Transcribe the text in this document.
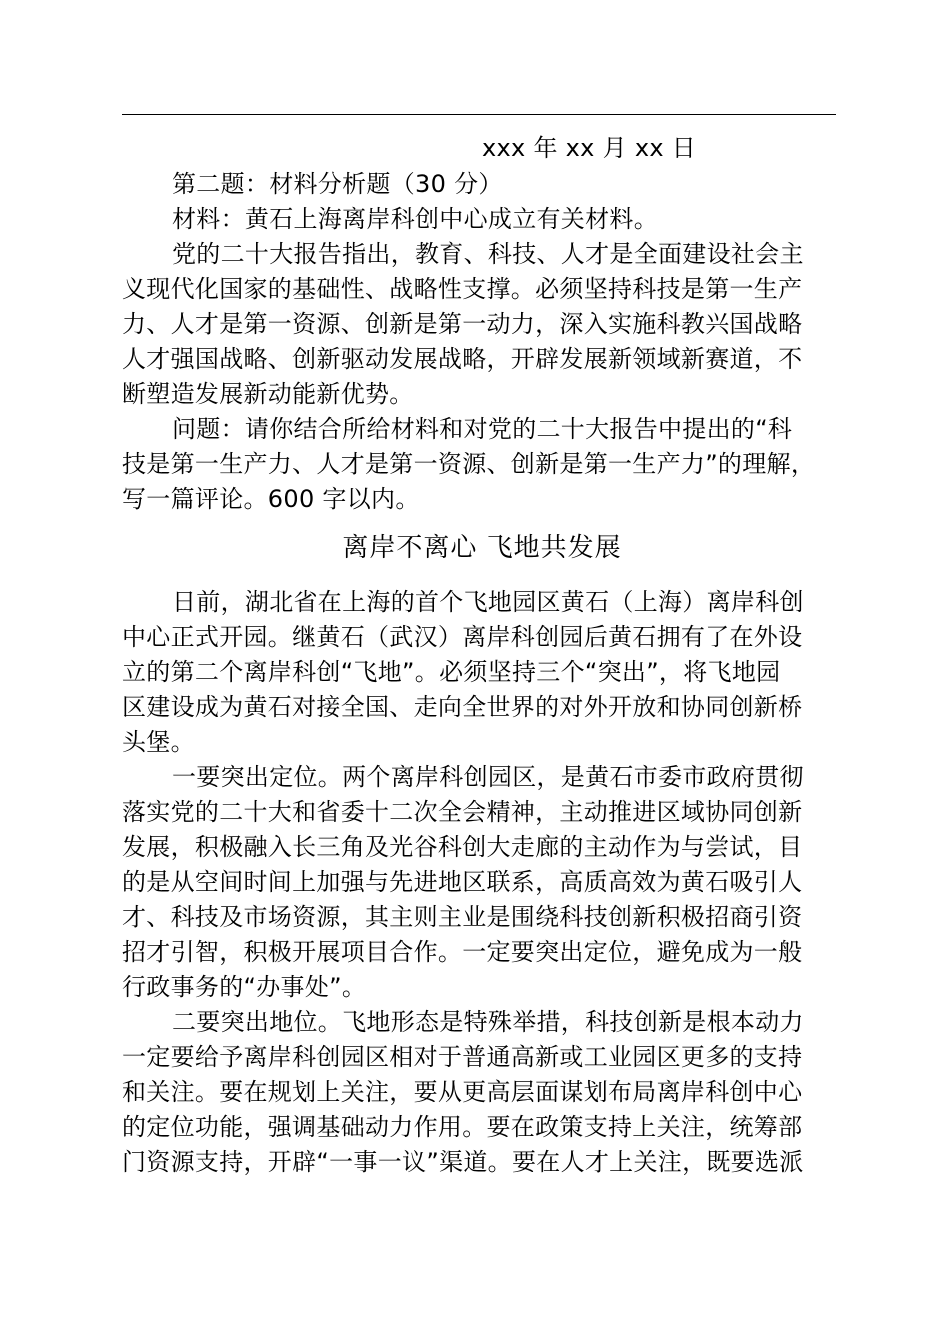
xxx 年 xx 月 xx 日
第二题：材料分析题（30 分）
材料：黄石上海离岸科创中心成立有关材料。
党的二十大报告指出，教育、科技、人才是全面建设社会主
义现代化国家的基础性、战略性支撑。必须坚持科技是第一生产
力、人才是第一资源、创新是第一动力，深入实施科教兴国战略
人才强国战略、创新驱动发展战略，开辟发展新领域新赛道，不
断塑造发展新动能新优势。
问题：请你结合所给材料和对党的二十大报告中提出的“科
技是第一生产力、人才是第一资源、创新是第一生产力”的理解，
写一篇评论。600 字以内。
离岸不离心 飞地共发展
日前，湖北省在上海的首个飞地园区黄石（上海）离岸科创
中心正式开园。继黄石（武汉）离岸科创园后黄石拥有了在外设
立的第二个离岸科创“飞地”。必须坚持三个“突出”，将飞地园
区建设成为黄石对接全国、走向全世界的对外开放和协同创新桥
头堡。
一要突出定位。两个离岸科创园区，是黄石市委市政府贯彻
落实党的二十大和省委十二次全会精神，主动推进区域协同创新
发展，积极融入长三角及光谷科创大走廊的主动作为与尝试，目
的是从空间时间上加强与先进地区联系，高质高效为黄石吸引人
才、科技及市场资源，其主则主业是围绕科技创新积极招商引资
招才引智，积极开展项目合作。一定要突出定位，避免成为一般
行政事务的“办事处”。
二要突出地位。飞地形态是特殊举措，科技创新是根本动力
一定要给予离岸科创园区相对于普通高新或工业园区更多的支持
和关注。要在规划上关注，要从更高层面谋划布局离岸科创中心
的定位功能，强调基础动力作用。要在政策支持上关注，统筹部
门资源支持，开辟“一事一议”渠道。要在人才上关注，既要选派
